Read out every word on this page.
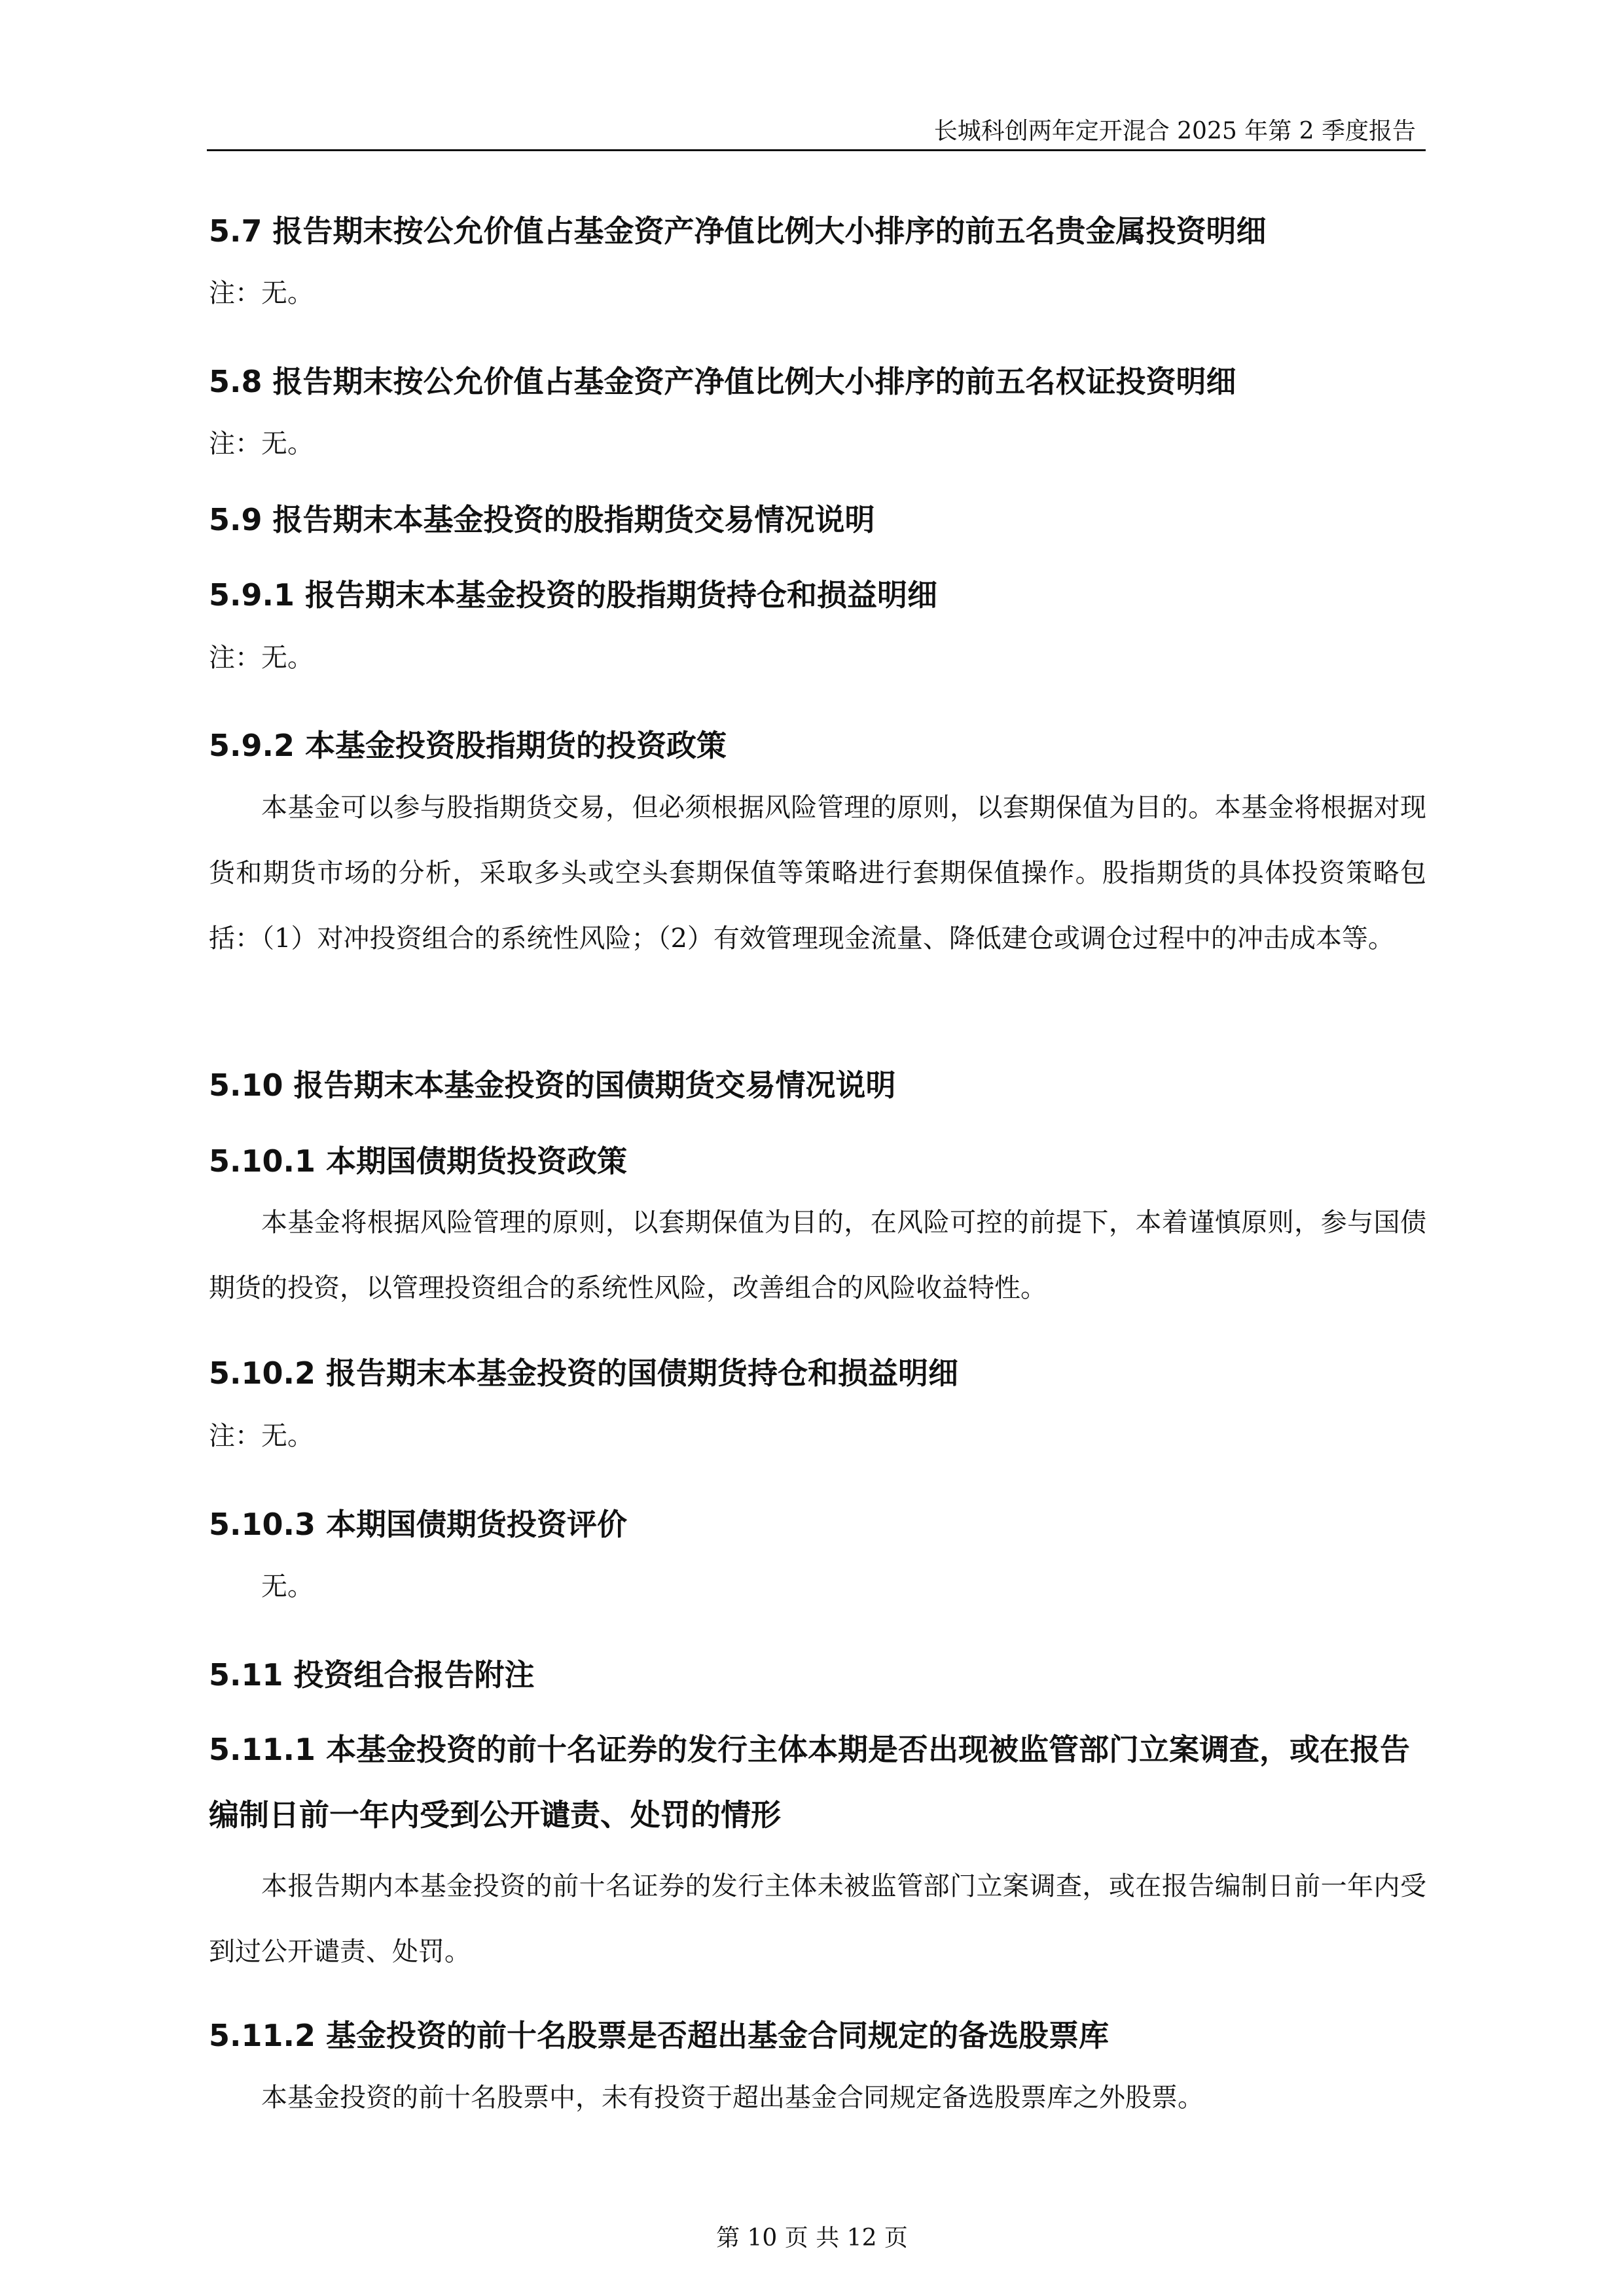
长城科创两年定开混合 2025 年第 2 季度报告
5.7 报告期末按公允价值占基金资产净值比例大小排序的前五名贵金属投资明细
注：无。
5.8 报告期末按公允价值占基金资产净值比例大小排序的前五名权证投资明细
注：无。
5.9 报告期末本基金投资的股指期货交易情况说明
5.9.1 报告期末本基金投资的股指期货持仓和损益明细
注：无。
5.9.2 本基金投资股指期货的投资政策
本基金可以参与股指期货交易，但必须根据风险管理的原则，以套期保值为目的。本基金将根据对现货和期货市场的分析，采取多头或空头套期保值等策略进行套期保值操作。股指期货的具体投资策略包括：（1）对冲投资组合的系统性风险；（2）有效管理现金流量、降低建仓或调仓过程中的冲击成本等。
5.10 报告期末本基金投资的国债期货交易情况说明
5.10.1 本期国债期货投资政策
本基金将根据风险管理的原则，以套期保值为目的，在风险可控的前提下，本着谨慎原则，参与国债期货的投资，以管理投资组合的系统性风险，改善组合的风险收益特性。
5.10.2 报告期末本基金投资的国债期货持仓和损益明细
注：无。
5.10.3 本期国债期货投资评价
无。
5.11 投资组合报告附注
5.11.1 本基金投资的前十名证券的发行主体本期是否出现被监管部门立案调查，或在报告编制日前一年内受到公开谴责、处罚的情形
本报告期内本基金投资的前十名证券的发行主体未被监管部门立案调查，或在报告编制日前一年内受到过公开谴责、处罚。
5.11.2 基金投资的前十名股票是否超出基金合同规定的备选股票库
本基金投资的前十名股票中，未有投资于超出基金合同规定备选股票库之外股票。
第 10 页 共 12 页
